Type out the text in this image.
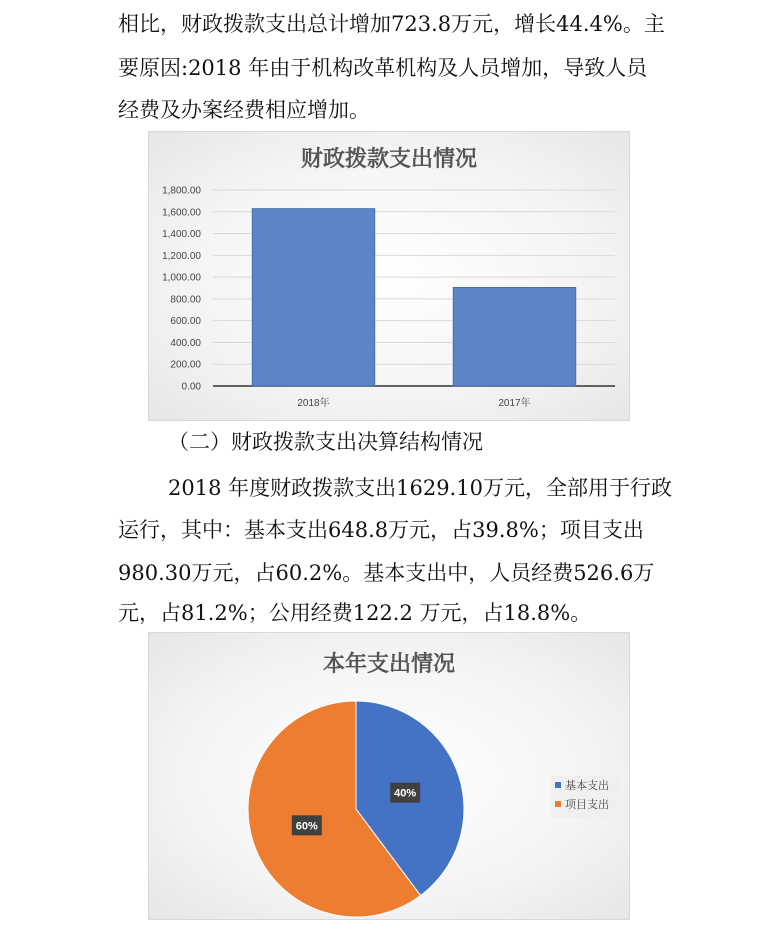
相比，财政拨款支出总计增加723.8万元，增长44.4%。主
要原因:2018 年由于机构改革机构及人员增加，导致人员
经费及办案经费相应增加。
财政拨款支出情况
0.00
200.00
400.00
600.00
800.00
1,000.00
1,200.00
1,400.00
1,600.00
1,800.00
2018年	2017年
（二）财政拨款支出决算结构情况
2018 年度财政拨款支出1629.10万元，全部用于行政
运行，其中：基本支出648.8万元，占39.8%；项目支出
980.30万元，占60.2%。基本支出中，人员经费526.6万
元，占81.2%；公用经费122.2 万元，占18.8%。
本年支出情况
40%
60%
基本支出
项目支出
